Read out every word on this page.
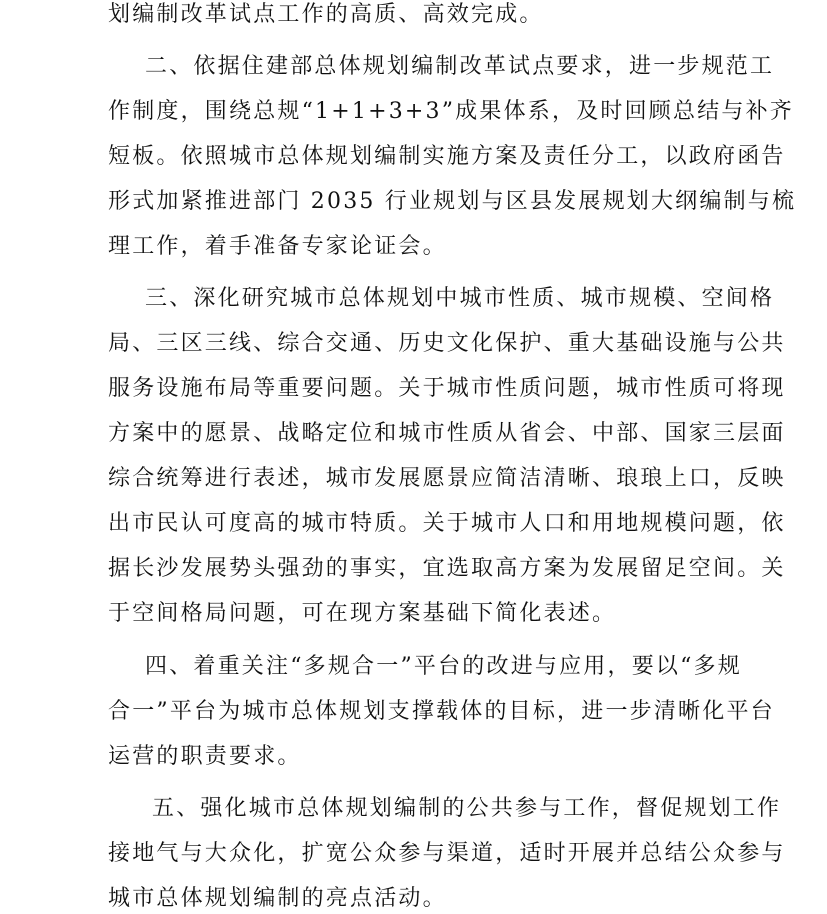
划编制改革试点工作的高质、高效完成。
二、依据住建部总体规划编制改革试点要求，进一步规范工
作制度，围绕总规“1+1+3+3”成果体系，及时回顾总结与补齐
短板。依照城市总体规划编制实施方案及责任分工，以政府函告
形式加紧推进部门 2035 行业规划与区县发展规划大纲编制与梳
理工作，着手准备专家论证会。
三、深化研究城市总体规划中城市性质、城市规模、空间格
局、三区三线、综合交通、历史文化保护、重大基础设施与公共
服务设施布局等重要问题。关于城市性质问题，城市性质可将现
方案中的愿景、战略定位和城市性质从省会、中部、国家三层面
综合统筹进行表述，城市发展愿景应简洁清晰、琅琅上口，反映
出市民认可度高的城市特质。关于城市人口和用地规模问题，依
据长沙发展势头强劲的事实，宜选取高方案为发展留足空间。关
于空间格局问题，可在现方案基础下简化表述。
四、着重关注“多规合一”平台的改进与应用，要以“多规
合一”平台为城市总体规划支撑载体的目标，进一步清晰化平台
运营的职责要求。
五、强化城市总体规划编制的公共参与工作，督促规划工作
接地气与大众化，扩宽公众参与渠道，适时开展并总结公众参与
城市总体规划编制的亮点活动。
